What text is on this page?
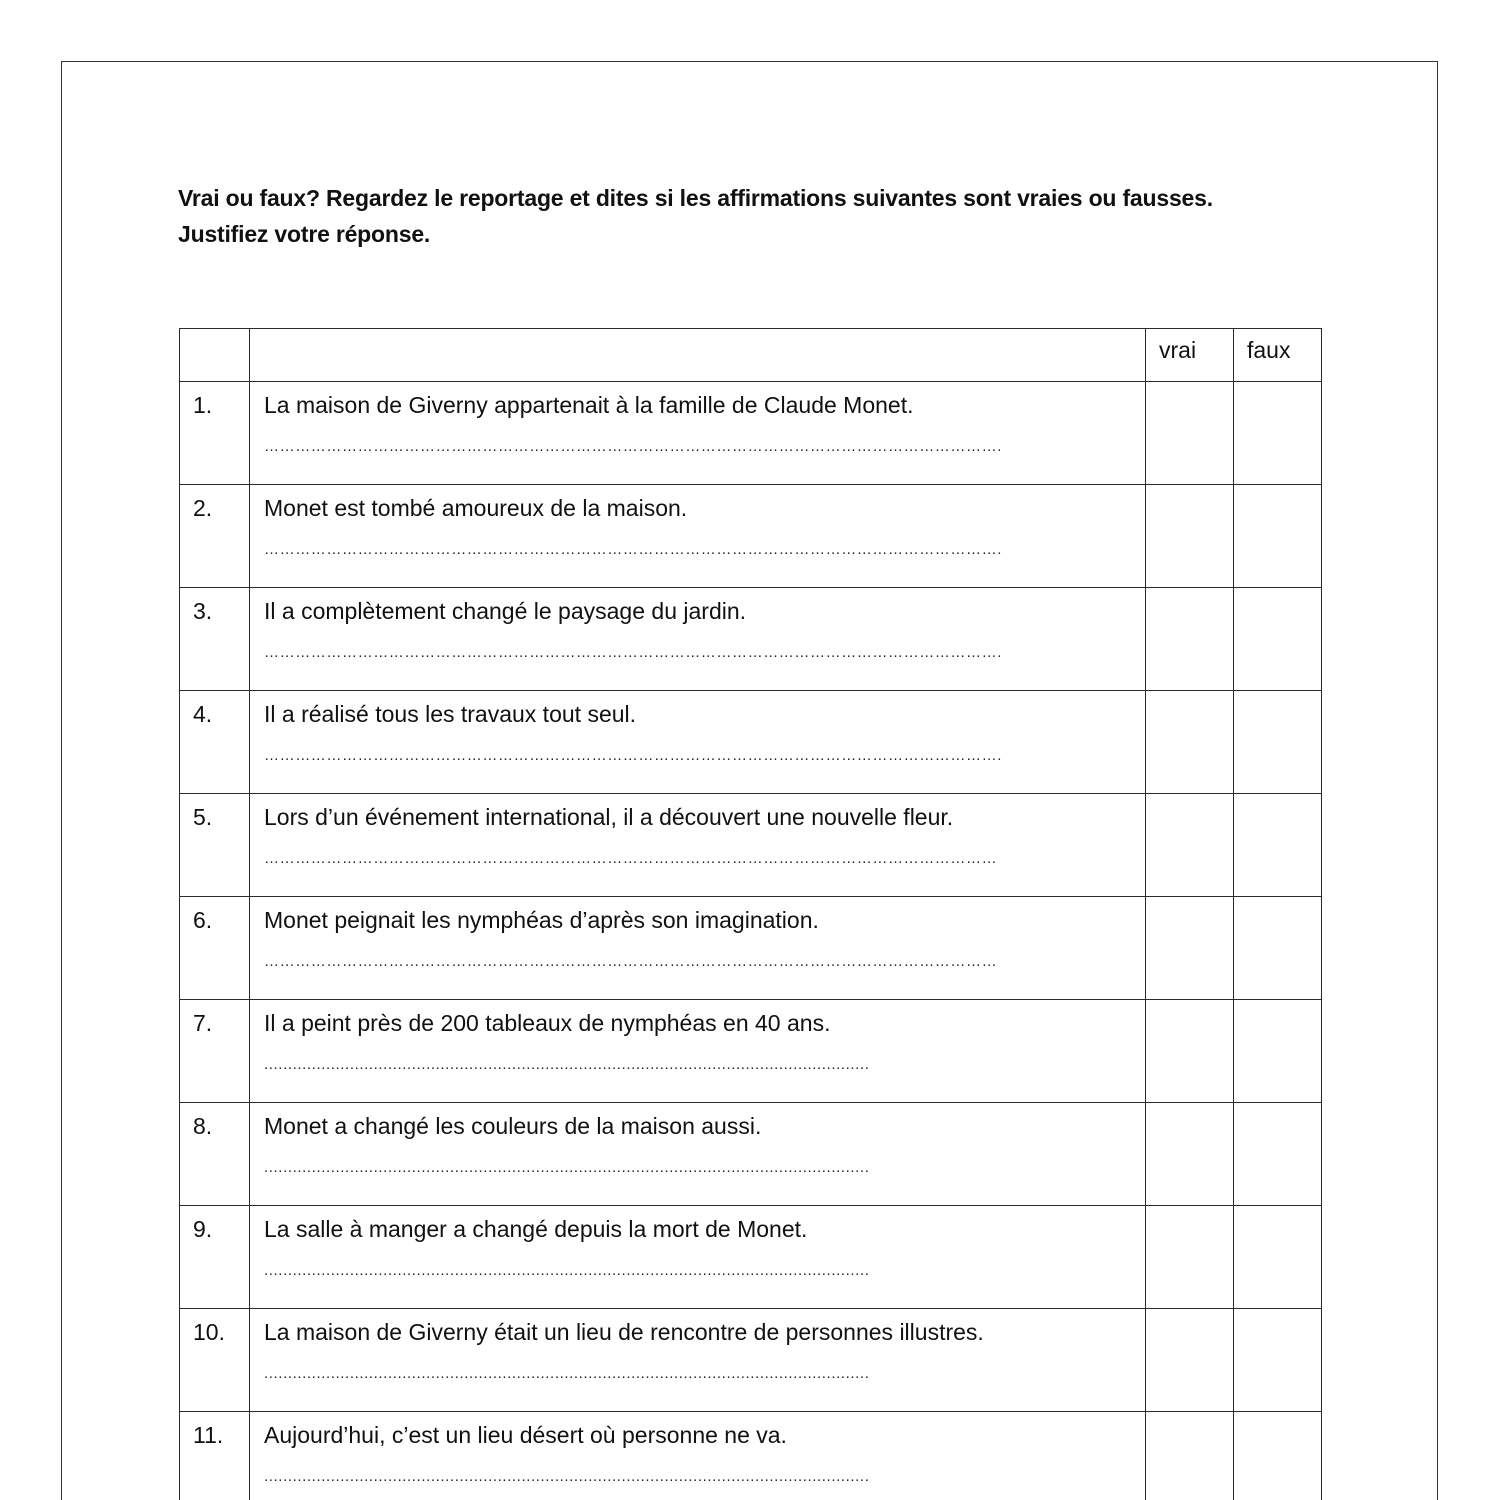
Vrai ou faux? Regardez le reportage et dites si les affirmations suivantes sont vraies ou fausses.
Justifiez votre réponse.

		vrai	faux

1.	La maison de Giverny appartenait à la famille de Claude Monet.
…………………………………………………………………………………………………………………………….		

2.	Monet est tombé amoureux de la maison.
…………………………………………………………………………………………………………………………….		

3.	Il a complètement changé le paysage du jardin.
…………………………………………………………………………………………………………………………….		

4.	Il a réalisé tous les travaux tout seul.
…………………………………………………………………………………………………………………………….		

5.	Lors d’un événement international, il a découvert une nouvelle fleur.
……………………………………………………………………………………………………………………………		

6.	Monet peignait les nymphéas d’après son imagination.
……………………………………………………………………………………………………………………………		

7.	Il a peint près de 200 tableaux de nymphéas en 40 ans.
...............................................................................................................................		

8.	Monet a changé les couleurs de la maison aussi.
...............................................................................................................................		

9.	La salle à manger a changé depuis la mort de Monet.
...............................................................................................................................		

10.	La maison de Giverny était un lieu de rencontre de personnes illustres.
...............................................................................................................................		

11.	Aujourd’hui, c’est un lieu désert où personne ne va.
...............................................................................................................................		
